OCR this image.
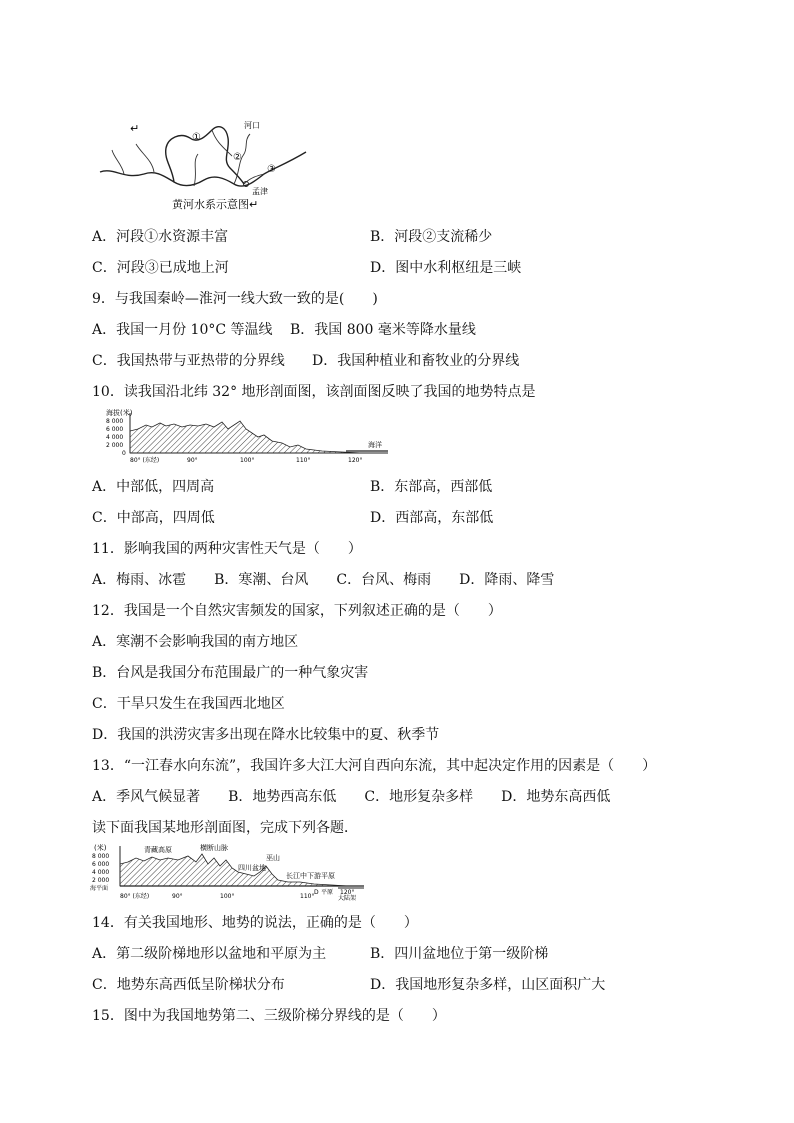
↵	河口
①
②
③
孟津
黄河水系示意图↵
A．河段①水资源丰富	B．河段②支流稀少
C．河段③已成地上河	D．图中水利枢纽是三峡
9．与我国秦岭—淮河一线大致一致的是(　　)
A．我国一月份 10°C 等温线 B．我国 800 毫米等降水量线
C．我国热带与亚热带的分界线 D．我国种植业和畜牧业的分界线
10．读我国沿北纬 32° 地形剖面图，该剖面图反映了我国的地势特点是
海拔(米)
8 000
6 000
4 000
2 000
0
80° (东经)	90°	100°	110°	120°
海洋
A．中部低，四周高	B．东部高，西部低
C．中部高，四周低	D．西部高，东部低
11．影响我国的两种灾害性天气是（　　）
A．梅雨、冰雹　　B．寒潮、台风　　C．台风、梅雨　　D．降雨、降雪
12．我国是一个自然灾害频发的国家，下列叙述正确的是（　　）
A．寒潮不会影响我国的南方地区
B．台风是我国分布范围最广的一种气象灾害
C．干旱只发生在我国西北地区
D．我国的洪涝灾害多出现在降水比较集中的夏、秋季节
13．“一江春水向东流”，我国许多大江大河自西向东流，其中起决定作用的因素是（　　）
A．季风气候显著　　B．地势西高东低　　C．地形复杂多样　　D．地势东高西低
读下面我国某地形剖面图，完成下列各题．
(米)
8 000
6 000
4 000
2 000
海平面
80° (东经)	90°	100°	110°
120°
青藏高原	横断山脉
巫山
四川盆地
长江中下游平原
D 平原
大陆架
14．有关我国地形、地势的说法，正确的是（　　）
A．第二级阶梯地形以盆地和平原为主	B．四川盆地位于第一级阶梯
C．地势东高西低呈阶梯状分布	D．我国地形复杂多样，山区面积广大
15．图中为我国地势第二、三级阶梯分界线的是（　　）
